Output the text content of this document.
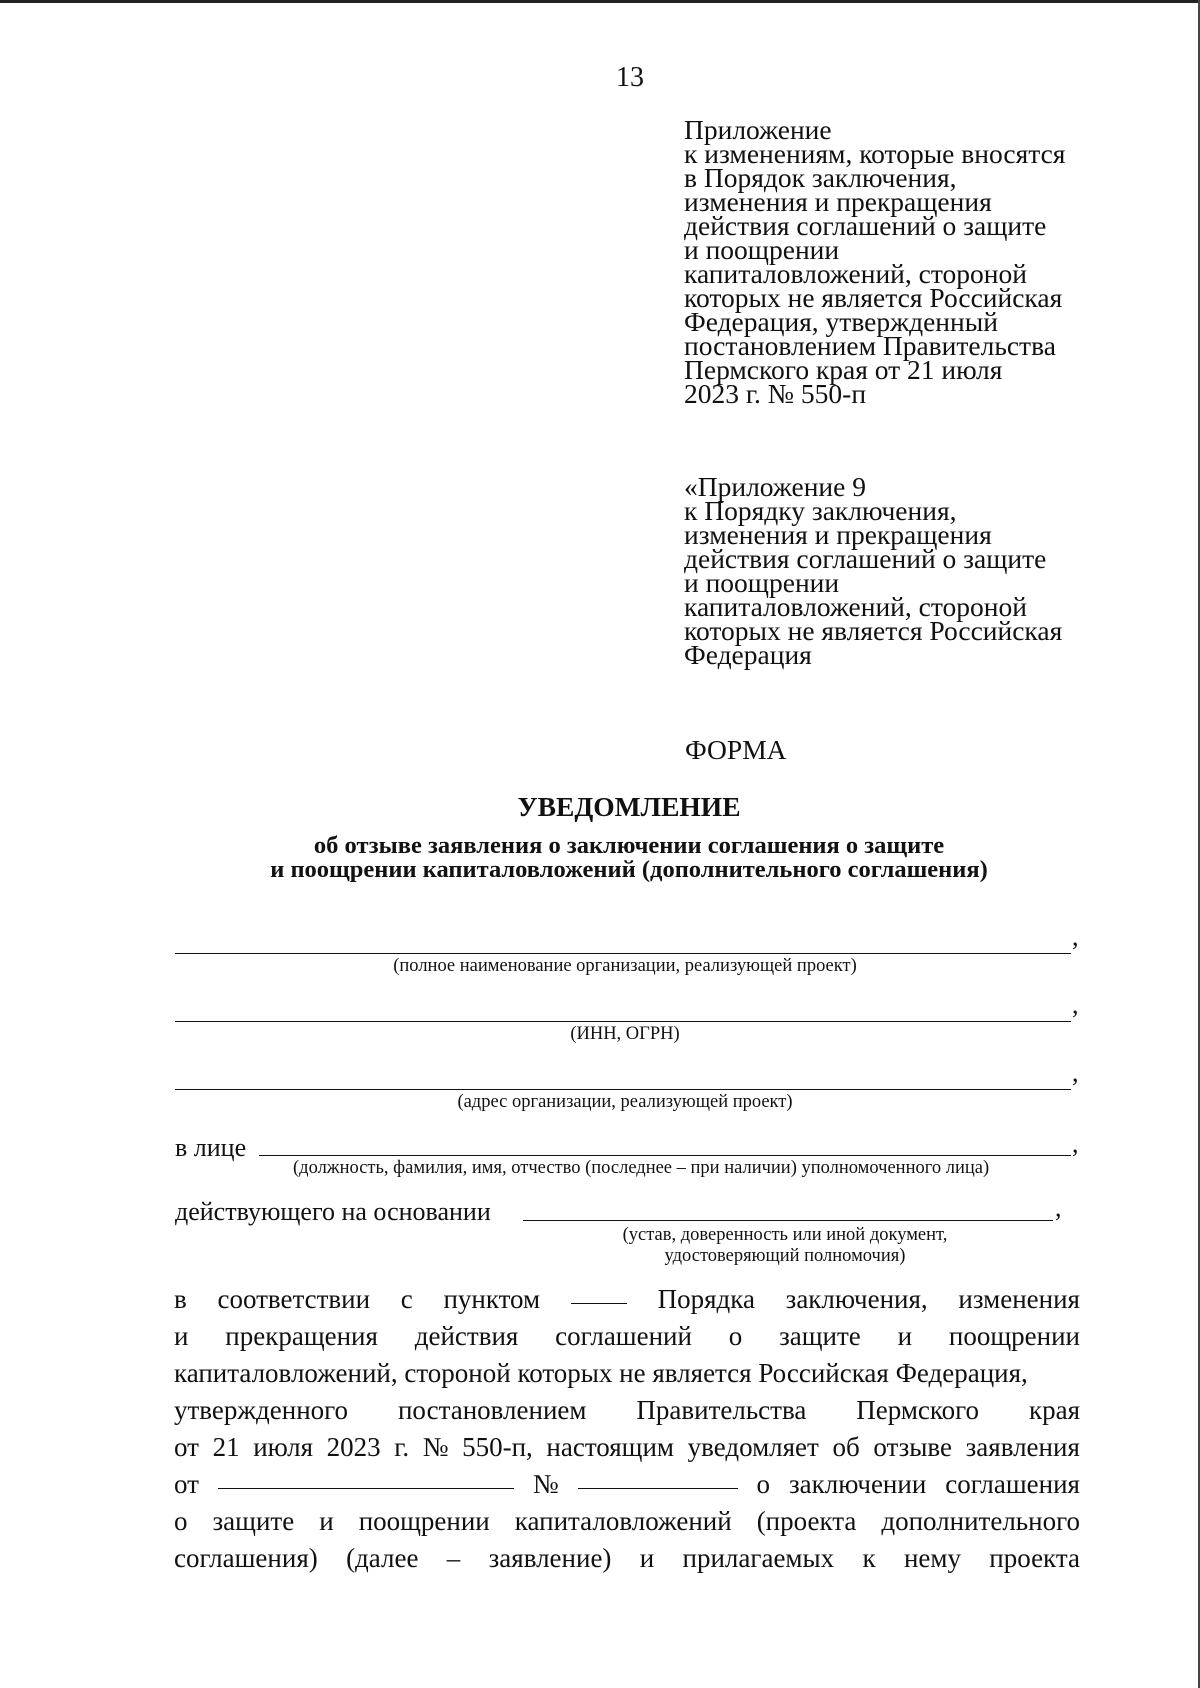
13
Приложение
к изменениям, которые вносятся
в Порядок заключения,
изменения и прекращения
действия соглашений о защите
и поощрении
капиталовложений, стороной
которых не является Российская
Федерация, утвержденный
постановлением Правительства
Пермского края от 21 июля
2023 г. № 550-п
«Приложение 9
к Порядку заключения,
изменения и прекращения
действия соглашений о защите
и поощрении
капиталовложений, стороной
которых не является Российская
Федерация
ФОРМА
УВЕДОМЛЕНИЕ
об отзыве заявления о заключении соглашения о защите
и поощрении капиталовложений (дополнительного соглашения)
,
(полное наименование организации, реализующей проект)
,
(ИНН, ОГРН)
,
(адрес организации, реализующей проект)
в лице	,
(должность, фамилия, имя, отчество (последнее – при наличии) уполномоченного лица)
действующего на основании	,
(устав, доверенность или иной документ,
удостоверяющий полномочия)
в соответствии с пунктом	Порядка заключения, изменения
и прекращения действия соглашений о защите и поощрении
капиталовложений, стороной которых не является Российская Федерация,
утвержденного постановлением Правительства Пермского края
от 21 июля 2023 г. № 550-п, настоящим уведомляет об отзыве заявления
от	№	о заключении соглашения
о защите и поощрении капиталовложений (проекта дополнительного
соглашения) (далее – заявление) и прилагаемых к нему проекта
